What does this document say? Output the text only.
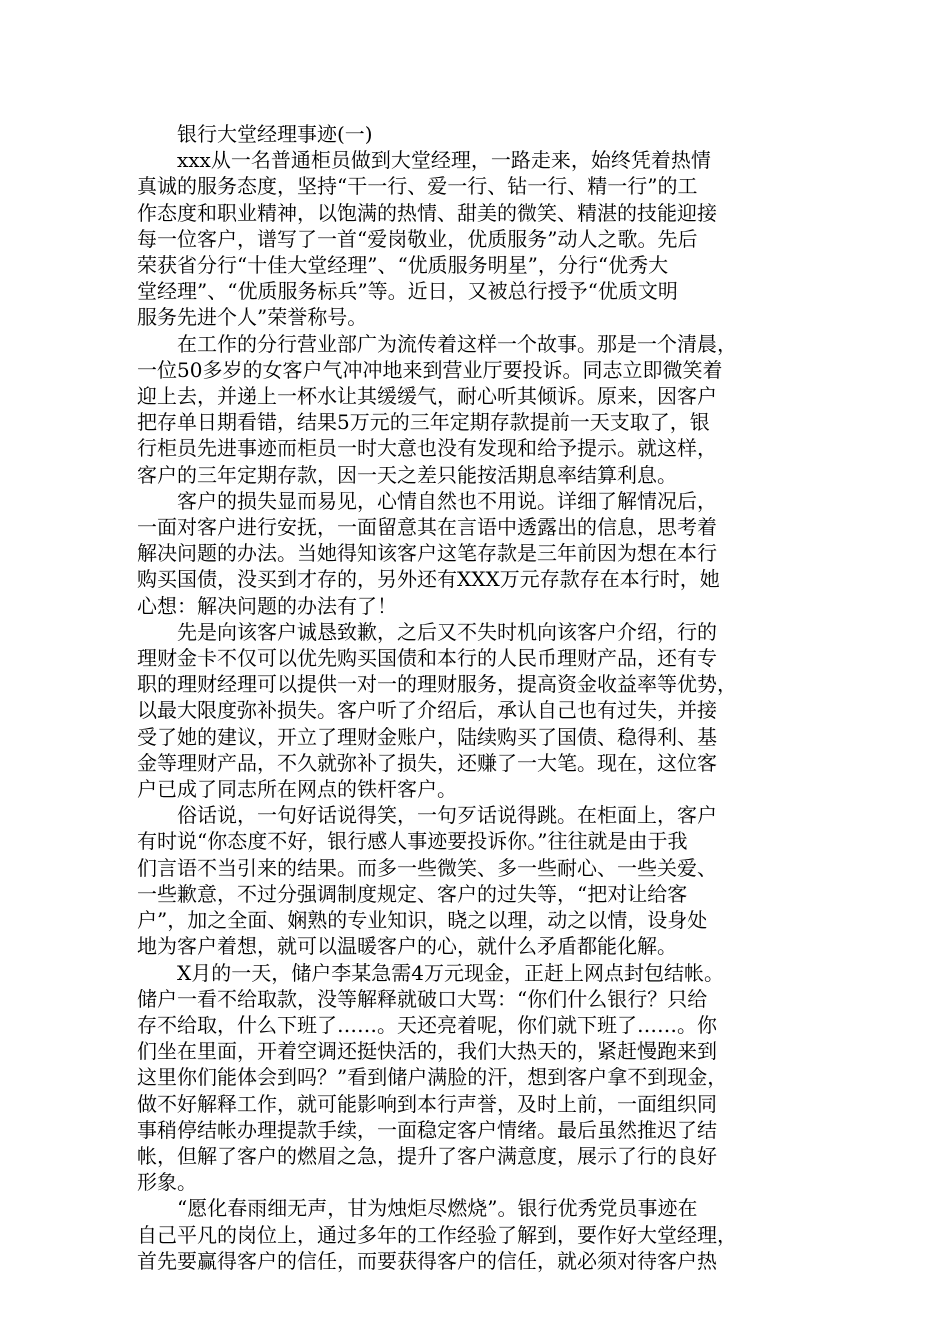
银行大堂经理事迹(一)

xxx从一名普通柜员做到大堂经理，一路走来，始终凭着热情
真诚的服务态度，坚持“干一行、爱一行、钻一行、精一行”的工
作态度和职业精神，以饱满的热情、甜美的微笑、精湛的技能迎接
每一位客户，谱写了一首“爱岗敬业，优质服务”动人之歌。先后
荣获省分行“十佳大堂经理”、“优质服务明星”，分行“优秀大
堂经理”、“优质服务标兵”等。近日，又被总行授予“优质文明
服务先进个人”荣誉称号。

在工作的分行营业部广为流传着这样一个故事。那是一个清晨，
一位50多岁的女客户气冲冲地来到营业厅要投诉。同志立即微笑着
迎上去，并递上一杯水让其缓缓气，耐心听其倾诉。原来，因客户
把存单日期看错，结果5万元的三年定期存款提前一天支取了，银
行柜员先进事迹而柜员一时大意也没有发现和给予提示。就这样，
客户的三年定期存款，因一天之差只能按活期息率结算利息。

客户的损失显而易见，心情自然也不用说。详细了解情况后，
一面对客户进行安抚，一面留意其在言语中透露出的信息，思考着
解决问题的办法。当她得知该客户这笔存款是三年前因为想在本行
购买国债，没买到才存的，另外还有XXX万元存款存在本行时，她
心想：解决问题的办法有了！

先是向该客户诚恳致歉，之后又不失时机向该客户介绍，行的
理财金卡不仅可以优先购买国债和本行的人民币理财产品，还有专
职的理财经理可以提供一对一的理财服务，提高资金收益率等优势，
以最大限度弥补损失。客户听了介绍后，承认自己也有过失，并接
受了她的建议，开立了理财金账户，陆续购买了国债、稳得利、基
金等理财产品，不久就弥补了损失，还赚了一大笔。现在，这位客
户已成了同志所在网点的铁杆客户。

俗话说，一句好话说得笑，一句歹话说得跳。在柜面上，客户
有时说“你态度不好，银行感人事迹要投诉你。”往往就是由于我
们言语不当引来的结果。而多一些微笑、多一些耐心、一些关爱、
一些歉意，不过分强调制度规定、客户的过失等，“把对让给客
户”，加之全面、娴熟的专业知识，晓之以理，动之以情，设身处
地为客户着想，就可以温暖客户的心，就什么矛盾都能化解。

X月的一天，储户李某急需4万元现金，正赶上网点封包结帐。
储户一看不给取款，没等解释就破口大骂：“你们什么银行？只给
存不给取，什么下班了……。天还亮着呢，你们就下班了……。你
们坐在里面，开着空调还挺快活的，我们大热天的，紧赶慢跑来到
这里你们能体会到吗？”看到储户满脸的汗，想到客户拿不到现金，
做不好解释工作，就可能影响到本行声誉，及时上前，一面组织同
事稍停结帐办理提款手续，一面稳定客户情绪。最后虽然推迟了结
帐，但解了客户的燃眉之急，提升了客户满意度，展示了行的良好
形象。

“愿化春雨细无声，甘为烛炬尽燃烧”。银行优秀党员事迹在
自己平凡的岗位上，通过多年的工作经验了解到，要作好大堂经理，
首先要赢得客户的信任，而要获得客户的信任，就必须对待客户热
